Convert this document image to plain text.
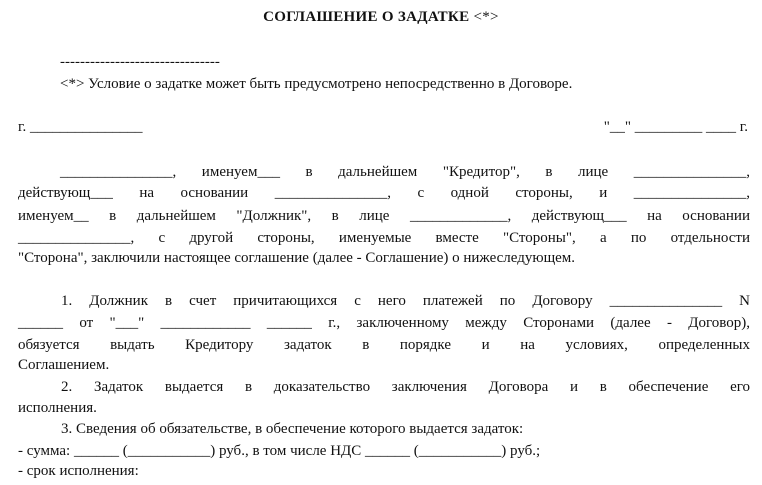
СОГЛАШЕНИЕ О ЗАДАТКЕ <*>
--------------------------------
<*> Условие о задатке может быть предусмотрено непосредственно в Договоре.
г. _______________	"__" _________ ____ г.
_______________, именуем___ в дальнейшем "Кредитор", в лице _______________,
действующ___ на основании _______________, с одной стороны, и _______________,
именуем__ в дальнейшем "Должник", в лице _____________, действующ___ на основании
_______________, с другой стороны, именуемые вместе "Стороны", а по отдельности
"Сторона", заключили настоящее соглашение (далее - Соглашение) о нижеследующем.
1. Должник в счет причитающихся с него платежей по Договору _______________ N
______ от "___" ____________ ______ г., заключенному между Сторонами (далее - Договор),
обязуется выдать Кредитору задаток в порядке и на условиях, определенных
Соглашением.
2. Задаток выдается в доказательство заключения Договора и в обеспечение его
исполнения.
3. Сведения об обязательстве, в обеспечение которого выдается задаток:
- сумма: ______ (___________) руб., в том числе НДС ______ (___________) руб.;
- срок исполнения:
